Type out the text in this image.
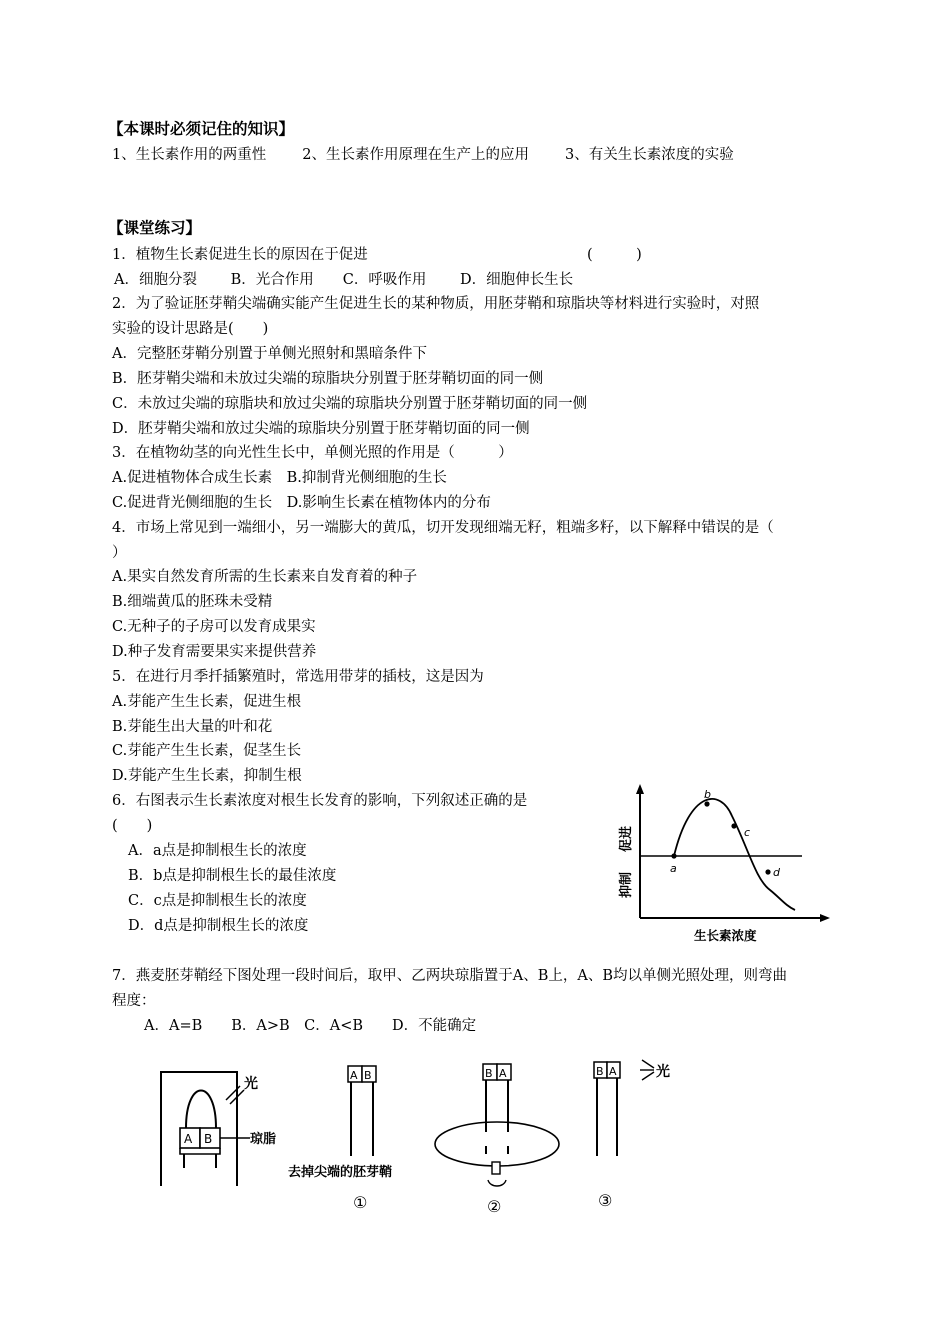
【本课时必须记住的知识】
1、生长素作用的两重性 2、生长素作用原理在生产上的应用 3、有关生长素浓度的实验
【课堂练习】
1．植物生长素促进生长的原因在于促进	(　　　)
A．细胞分裂　　 B．光合作用　　C．呼吸作用　　 D．细胞伸长生长
2．为了验证胚芽鞘尖端确实能产生促进生长的某种物质，用胚芽鞘和琼脂块等材料进行实验时，对照
实验的设计思路是(　　)
A．完整胚芽鞘分别置于单侧光照射和黑暗条件下
B．胚芽鞘尖端和未放过尖端的琼脂块分别置于胚芽鞘切面的同一侧
C．未放过尖端的琼脂块和放过尖端的琼脂块分别置于胚芽鞘切面的同一侧
D．胚芽鞘尖端和放过尖端的琼脂块分别置于胚芽鞘切面的同一侧
3．在植物幼茎的向光性生长中，单侧光照的作用是（　　　）
A.促进植物体合成生长素　B.抑制背光侧细胞的生长
C.促进背光侧细胞的生长　D.影响生长素在植物体内的分布
4．市场上常见到一端细小，另一端膨大的黄瓜，切开发现细端无籽，粗端多籽，以下解释中错误的是（
）
A.果实自然发育所需的生长素来自发育着的种子
B.细端黄瓜的胚珠未受精
C.无种子的子房可以发育成果实
D.种子发育需要果实来提供营养
5．在进行月季扦插繁殖时，常选用带芽的插枝，这是因为
A.芽能产生生长素，促进生根
B.芽能生出大量的叶和花
C.芽能产生生长素，促茎生长
D.芽能产生生长素，抑制生根
6．右图表示生长素浓度对根生长发育的影响，下列叙述正确的是
(　　)
A．a点是抑制根生长的浓度
B．b点是抑制根生长的最佳浓度
C．c点是抑制根生长的浓度
D．d点是抑制根生长的浓度
a
b
c
d
促进
抑制
生长素浓度
7．燕麦胚芽鞘经下图处理一段时间后，取甲、乙两块琼脂置于A、B上，A、B均以单侧光照处理，则弯曲
程度：
A．A=B　　B．A>B　C．A<B　　D．不能确定
A B
光
琼脂
A B
去掉尖端的胚芽鞘
①
B A
②
B A	光
③
